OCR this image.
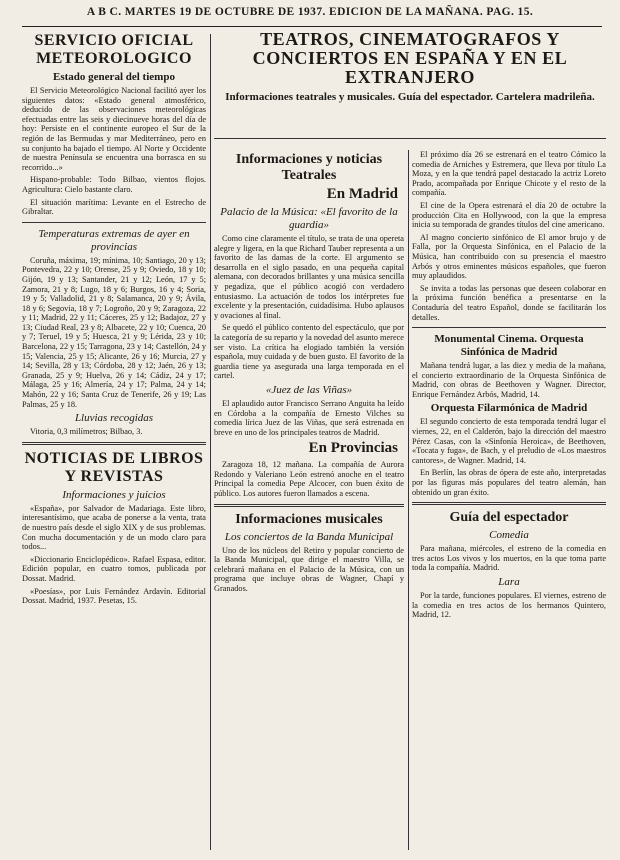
A B C. MARTES 19 DE OCTUBRE DE 1937. EDICION DE LA MAÑANA. PAG. 15.
SERVICIO OFICIAL METEOROLOGICO
Estado general del tiempo

El Servicio Meteorológico Nacional facilitó ayer los siguientes datos: «Estado general atmosférico, deducido de las observaciones meteorológicas efectuadas entre las seis y diecinueve horas del día de hoy: Persiste en el continente europeo el Sur de la región de las Bermudas y mar Mediterráneo, pero en su conjunto ha bajado el tiempo. Al Norte y Occidente de nuestra Península se encuentra una borrasca en su recorrido...»

Hispano-probable: Todo Bilbao, vientos flojos. Agricultura: Cielo bastante claro.

El situación marítima: Levante en el Estrecho de Gibraltar.

Temperaturas extremas de ayer en provincias

Coruña, máxima, 19; mínima, 10; Santiago, 20 y 13; Pontevedra, 22 y 10; Orense, 25 y 9; Oviedo, 18 y 10; Gijón, 19 y 13; Santander, 21 y 12; León, 17 y 5; Zamora, 21 y 8; Lugo, 18 y 6; Burgos, 16 y 4; Soria, 19 y 5; Valladolid, 21 y 8; Salamanca, 20 y 9; Ávila, 18 y 6; Segovia, 18 y 7; Logroño, 20 y 9; Zaragoza, 22 y 11; Madrid, 22 y 11; Cáceres, 25 y 12; Badajoz, 27 y 13; Ciudad Real, 23 y 8; Albacete, 22 y 10; Cuenca, 20 y 7; Teruel, 19 y 5; Huesca, 21 y 9; Lérida, 23 y 10; Barcelona, 22 y 15; Tarragona, 23 y 14; Castellón, 24 y 15; Valencia, 25 y 15; Alicante, 26 y 16; Murcia, 27 y 14; Sevilla, 28 y 13; Córdoba, 28 y 12; Jaén, 26 y 13; Granada, 25 y 9; Huelva, 26 y 14; Cádiz, 24 y 17; Málaga, 25 y 16; Almería, 24 y 17; Palma, 24 y 14; Mahón, 22 y 16; Santa Cruz de Tenerife, 26 y 19; Las Palmas, 25 y 18.

Lluvias recogidas

Vitoria, 0,3 milímetros; Bilbao, 3.

NOTICIAS DE LIBROS Y REVISTAS
Informaciones y juicios

«España», por Salvador de Madariaga. Este libro, interesantísimo, que acaba de ponerse a la venta, trata de nuestro país desde el siglo XIX y de sus problemas. Con mucha documentación y de un modo claro para todos...

«Diccionario Enciclopédico». Rafael Espasa, editor. Edición popular, en cuatro tomos, publicada por Dossat. Madrid.

«Poesías», por Luis Fernández Ardavín. Editorial Dossat. Madrid, 1937. Pesetas, 15.

TEATROS, CINEMATOGRAFOS Y CONCIERTOS EN ESPAÑA Y EN EL EXTRANJERO
Informaciones teatrales y musicales. Guía del espectador. Cartelera madrileña.
Informaciones y noticias Teatrales
En Madrid
Palacio de la Música: «El favorito de la guardia»

Como cine claramente el título, se trata de una opereta alegre y ligera, en la que Richard Tauber representa a un favorito de las damas de la corte. El argumento se desarrolla en el siglo pasado, en una pequeña capital alemana, con decorados brillantes y una música sencilla y pegadiza, que el público acogió con verdadero entusiasmo. La actuación de todos los intérpretes fue excelente y la presentación, cuidadísima. Hubo aplausos y ovaciones al final.

Se quedó el público contento del espectáculo, que por la categoría de su reparto y la novedad del asunto merece ser visto. La crítica ha elogiado también la versión española, muy cuidada y de buen gusto. El favorito de la guardia tiene ya asegurada una larga temporada en el cartel.

«Juez de las Viñas»

El aplaudido autor Francisco Serrano Anguita ha leído en Córdoba a la compañía de Ernesto Vilches su comedia lírica Juez de las Viñas, que será estrenada en breve en uno de los principales teatros de Madrid.

En Provincias

Zaragoza 18, 12 mañana. La compañía de Aurora Redondo y Valeriano León estrenó anoche en el teatro Principal la comedia Pepe Alcocer, con buen éxito de público. Los autores fueron llamados a escena.

Informaciones musicales
Los conciertos de la Banda Municipal

Uno de los núcleos del Retiro y popular concierto de la Banda Municipal, que dirige el maestro Villa, se celebrará mañana en el Palacio de la Música, con un programa que incluye obras de Wagner, Chapí y Granados.

El próximo día 26 se estrenará en el teatro Cómico la comedia de Arniches y Estremera, que lleva por título La Moza, y en la que tendrá papel destacado la actriz Loreto Prado, acompañada por Enrique Chicote y el resto de la compañía.

El cine de la Opera estrenará el día 20 de octubre la producción Cita en Hollywood, con la que la empresa inicia su temporada de grandes títulos del cine americano.

Al magno concierto sinfónico de El amor brujo y de Falla, por la Orquesta Sinfónica, en el Palacio de la Música, han contribuido con su presencia el maestro Arbós y otros eminentes músicos españoles, que fueron muy aplaudidos.

Se invita a todas las personas que deseen colaborar en la próxima función benéfica a presentarse en la Contaduría del teatro Español, donde se facilitarán los detalles.

Monumental Cinema. Orquesta Sinfónica de Madrid

Mañana tendrá lugar, a las diez y media de la mañana, el concierto extraordinario de la Orquesta Sinfónica de Madrid, con obras de Beethoven y Wagner. Director, Enrique Fernández Arbós, Madrid, 14.

Orquesta Filarmónica de Madrid

El segundo concierto de esta temporada tendrá lugar el viernes, 22, en el Calderón, bajo la dirección del maestro Pérez Casas, con la «Sinfonía Heroica», de Beethoven, «Tocata y fuga», de Bach, y el preludio de «Los maestros cantores», de Wagner. Madrid, 14.

En Berlín, las obras de ópera de este año, interpretadas por las figuras más populares del teatro alemán, han obtenido un gran éxito.

Guía del espectador
Comedia

Para mañana, miércoles, el estreno de la comedia en tres actos Los vivos y los muertos, en la que toma parte toda la compañía. Madrid.

Lara

Por la tarde, funciones populares. El viernes, estreno de la comedia en tres actos de los hermanos Quintero, Madrid, 12.
